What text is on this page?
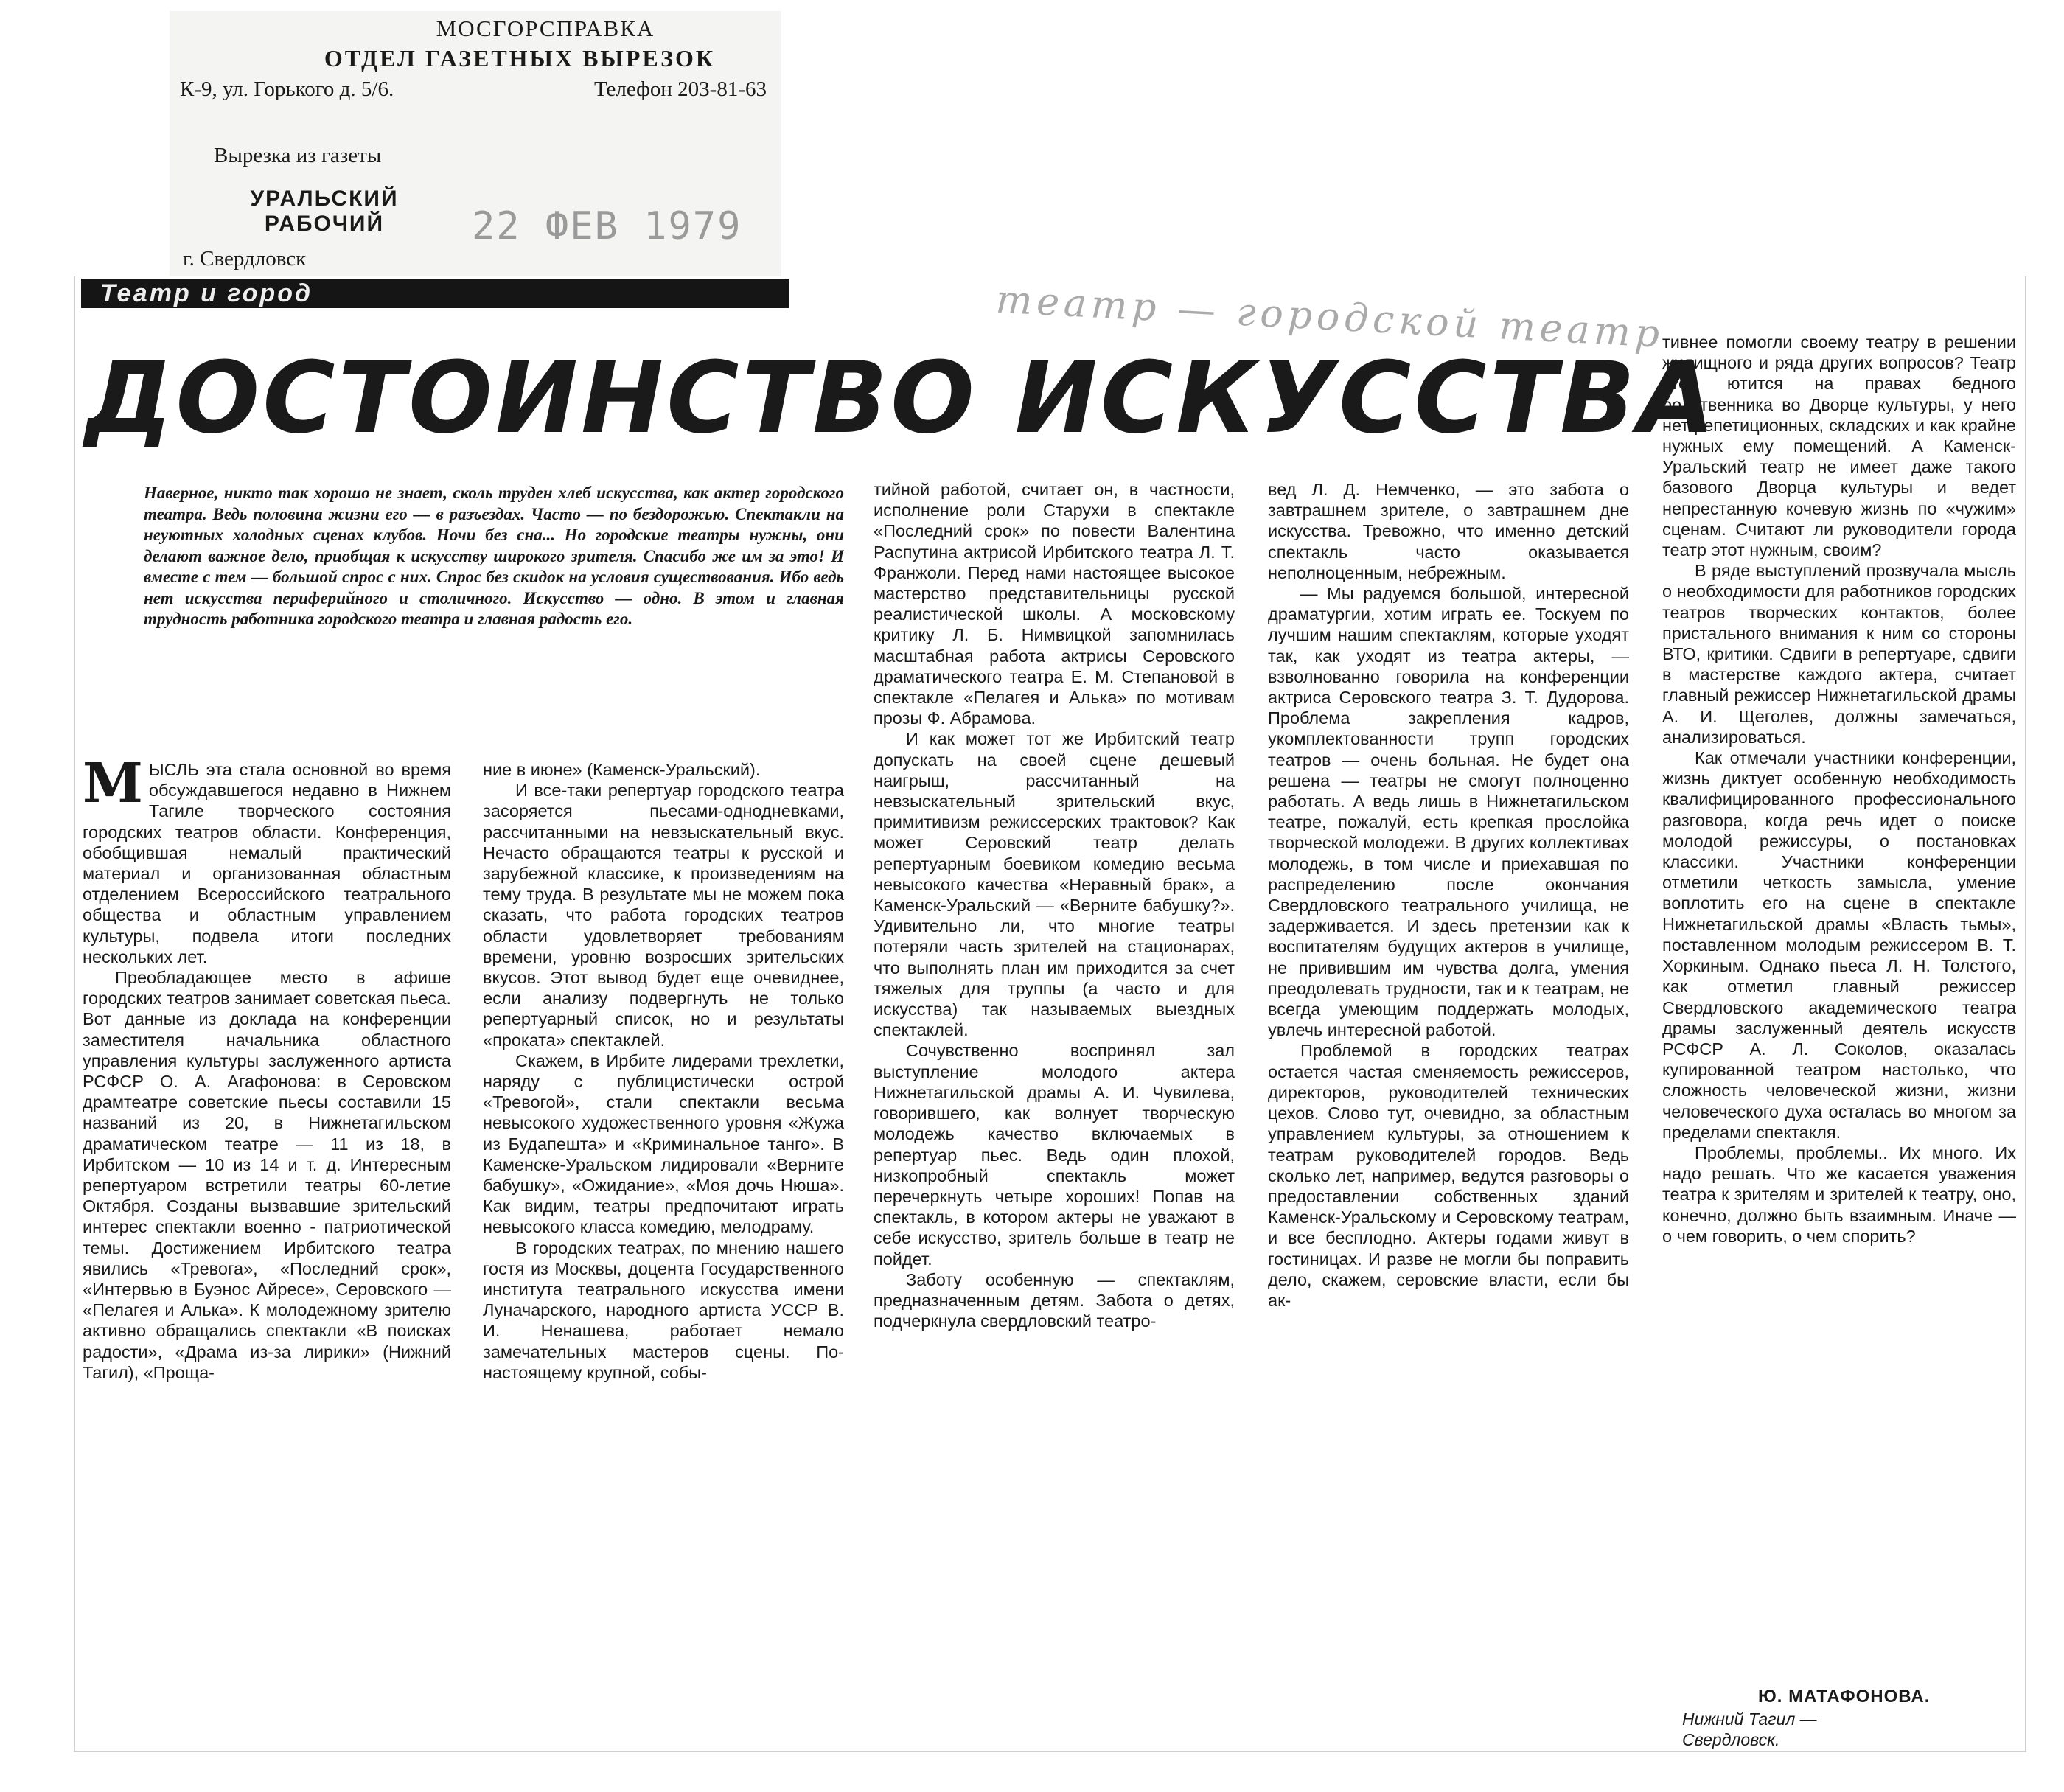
МОСГОРСПРАВКА
ОТДЕЛ ГАЗЕТНЫХ ВЫРЕЗОК
К-9, ул. Горького д. 5/6.	Телефон 203-81-63
Вырезка из газеты
УРАЛЬСКИЙ
РАБОЧИЙ	22 ФЕВ 1979
г. Свердловск
Театр и город
ДОСТОИНСТВО ИСКУССТВА
театр — городской театр
Наверное, никто так хорошо не знает, сколь труден хлеб искусства, как актер городского театра. Ведь половина жизни его — в разъездах. Часто — по бездорожью. Спектакли на неуютных холодных сценах клубов. Ночи без сна... Но городские театры нужны, они делают важное дело, приобщая к искусству широкого зрителя. Спасибо же им за это! И вместе с тем — большой спрос с них. Спрос без скидок на условия существования. Ибо ведь нет искусства периферийного и столичного. Искусство — одно. В этом и главная трудность работника городского театра и главная радость его.

МЫСЛЬ эта стала основной во время обсуждавшегося недавно в Нижнем Тагиле творческого состояния городских театров области. Конференция, обобщившая немалый практический материал и организованная областным отделением Всероссийского театрального общества и областным управлением культуры, подвела итоги последних нескольких лет.

Преобладающее место в афише городских театров занимает советская пьеса. Вот данные из доклада на конференции заместителя начальника областного управления культуры заслуженного артиста РСФСР О. А. Агафонова: в Серовском драмтеатре советские пьесы составили 15 названий из 20, в Нижнетагильском драматическом театре — 11 из 18, в Ирбитском — 10 из 14 и т. д. Интересным репертуаром встретили театры 60-летие Октября. Созданы вызвавшие зрительский интерес спектакли военно - патриотической темы. Достижением Ирбитского театра явились «Тревога», «Последний срок», «Интервью в Буэнос Айресе», Серовского — «Пелагея и Алька». К молодежному зрителю активно обращались спектакли «В поисках радости», «Драма из-за лирики» (Нижний Тагил), «Проща-

ние в июне» (Каменск-Уральский).

И все-таки репертуар городского театра засоряется пьесами-однодневками, рассчитанными на невзыскательный вкус. Нечасто обращаются театры к русской и зарубежной классике, к произведениям на тему труда. В результате мы не можем пока сказать, что работа городских театров области удовлетворяет требованиям времени, уровню возросших зрительских вкусов. Этот вывод будет еще очевиднее, если анализу подвергнуть не только репертуарный список, но и результаты «проката» спектаклей.

Скажем, в Ирбите лидерами трехлетки, наряду с публицистически острой «Тревогой», стали спектакли весьма невысокого художественного уровня «Жужа из Будапешта» и «Криминальное танго». В Каменске-Уральском лидировали «Верните бабушку», «Ожидание», «Моя дочь Нюша». Как видим, театры предпочитают играть невысокого класса комедию, мелодраму.

В городских театрах, по мнению нашего гостя из Москвы, доцента Государственного института театрального искусства имени Луначарского, народного артиста УССР В. И. Ненашева, работает немало замечательных мастеров сцены. По-настоящему крупной, собы-

тийной работой, считает он, в частности, исполнение роли Старухи в спектакле «Последний срок» по повести Валентина Распутина актрисой Ирбитского театра Л. Т. Франжоли. Перед нами настоящее высокое мастерство представительницы русской реалистической школы. А московскому критику Л. Б. Нимвицкой запомнилась масштабная работа актрисы Серовского драматического театра Е. М. Степановой в спектакле «Пелагея и Алька» по мотивам прозы Ф. Абрамова.

И как может тот же Ирбитский театр допускать на своей сцене дешевый наигрыш, рассчитанный на невзыскательный зрительский вкус, примитивизм режиссерских трактовок? Как может Серовский театр делать репертуарным боевиком комедию весьма невысокого качества «Неравный брак», а Каменск-Уральский — «Верните бабушку?». Удивительно ли, что многие театры потеряли часть зрителей на стационарах, что выполнять план им приходится за счет тяжелых для труппы (а часто и для искусства) так называемых выездных спектаклей.

Сочувственно воспринял зал выступление молодого актера Нижнетагильской драмы А. И. Чувилева, говорившего, как волнует творческую молодежь качество включаемых в репертуар пьес. Ведь один плохой, низкопробный спектакль может перечеркнуть четыре хороших! Попав на спектакль, в котором актеры не уважают в себе искусство, зритель больше в театр не пойдет.

Заботу особенную — спектаклям, предназначенным детям. Забота о детях, подчеркнула свердловский театро-

вед Л. Д. Немченко, — это забота о завтрашнем зрителе, о завтрашнем дне искусства. Тревожно, что именно детский спектакль часто оказывается неполноценным, небрежным.

— Мы радуемся большой, интересной драматургии, хотим играть ее. Тоскуем по лучшим нашим спектаклям, которые уходят так, как уходят из театра актеры, — взволнованно говорила на конференции актриса Серовского театра З. Т. Дудорова. Проблема закрепления кадров, укомплектованности трупп городских театров — очень больная. Не будет она решена — театры не смогут полноценно работать. А ведь лишь в Нижнетагильском театре, пожалуй, есть крепкая прослойка творческой молодежи. В других коллективах молодежь, в том числе и приехавшая по распределению после окончания Свердловского театрального училища, не задерживается. И здесь претензии как к воспитателям будущих актеров в училище, не привившим им чувства долга, умения преодолевать трудности, так и к театрам, не всегда умеющим поддержать молодых, увлечь интересной работой.

Проблемой в городских театрах остается частая сменяемость режиссеров, директоров, руководителей технических цехов. Слово тут, очевидно, за областным управлением культуры, за отношением к театрам руководителей городов. Ведь сколько лет, например, ведутся разговоры о предоставлении собственных зданий Каменск-Уральскому и Серовскому театрам, и все бесплодно. Актеры годами живут в гостиницах. И разве не могли бы поправить дело, скажем, серовские власти, если бы ак-

тивнее помогли своему театру в решении жилищного и ряда других вопросов? Театр этот ютится на правах бедного родственника во Дворце культуры, у него нет репетиционных, складских и как крайне нужных ему помещений. А Каменск-Уральский театр не имеет даже такого базового Дворца культуры и ведет непрестанную кочевую жизнь по «чужим» сценам. Считают ли руководители города театр этот нужным, своим?

В ряде выступлений прозвучала мысль о необходимости для работников городских театров творческих контактов, более пристального внимания к ним со стороны ВТО, критики. Сдвиги в репертуаре, сдвиги в мастерстве каждого актера, считает главный режиссер Нижнетагильской драмы А. И. Щеголев, должны замечаться, анализироваться.

Как отмечали участники конференции, жизнь диктует особенную необходимость квалифицированного профессионального разговора, когда речь идет о поиске молодой режиссуры, о постановках классики. Участники конференции отметили четкость замысла, умение воплотить его на сцене в спектакле Нижнетагильской драмы «Власть тьмы», поставленном молодым режиссером В. Т. Хоркиным. Однако пьеса Л. Н. Толстого, как отметил главный режиссер Свердловского академического театра драмы заслуженный деятель искусств РСФСР А. Л. Соколов, оказалась купированной театром настолько, что сложность человеческой жизни, жизни человеческого духа осталась во многом за пределами спектакля.

Проблемы, проблемы.. Их много. Их надо решать. Что же касается уважения театра к зрителям и зрителей к театру, оно, конечно, должно быть взаимным. Иначе — о чем говорить, о чем спорить?

Ю. МАТАФОНОВА.
Нижний Тагил —
Свердловск.
